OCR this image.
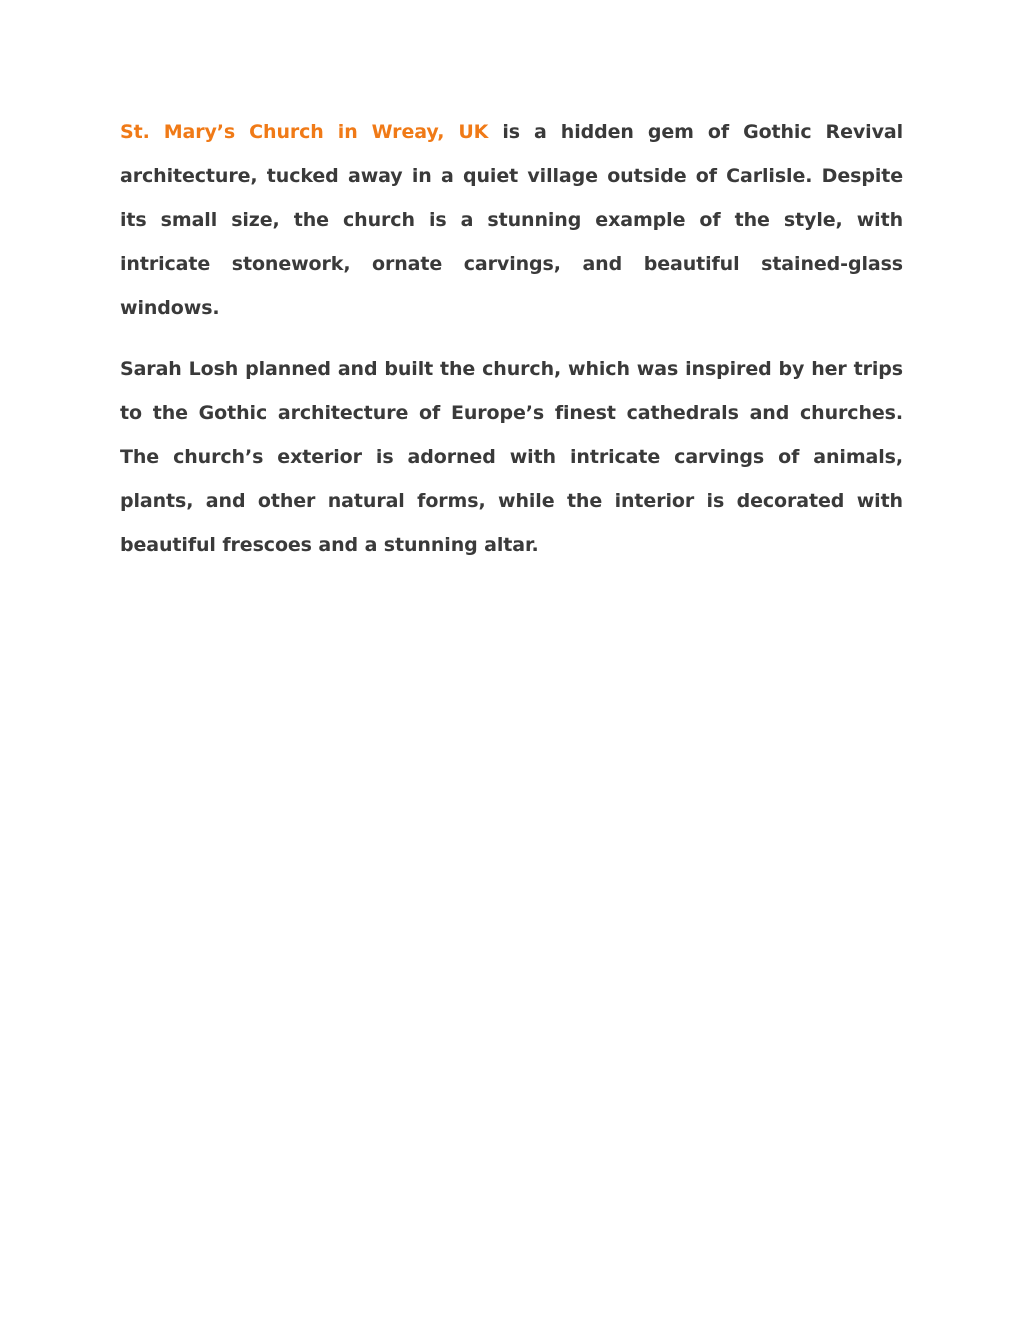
St. Mary’s Church in Wreay, UK is a hidden gem of Gothic Revival architecture, tucked away in a quiet village outside of Carlisle. Despite its small size, the church is a stunning example of the style, with intricate stonework, ornate carvings, and beautiful stained-glass windows.

Sarah Losh planned and built the church, which was inspired by her trips to the Gothic architecture of Europe’s finest cathedrals and churches. The church’s exterior is adorned with intricate carvings of animals, plants, and other natural forms, while the interior is decorated with beautiful frescoes and a stunning altar.
